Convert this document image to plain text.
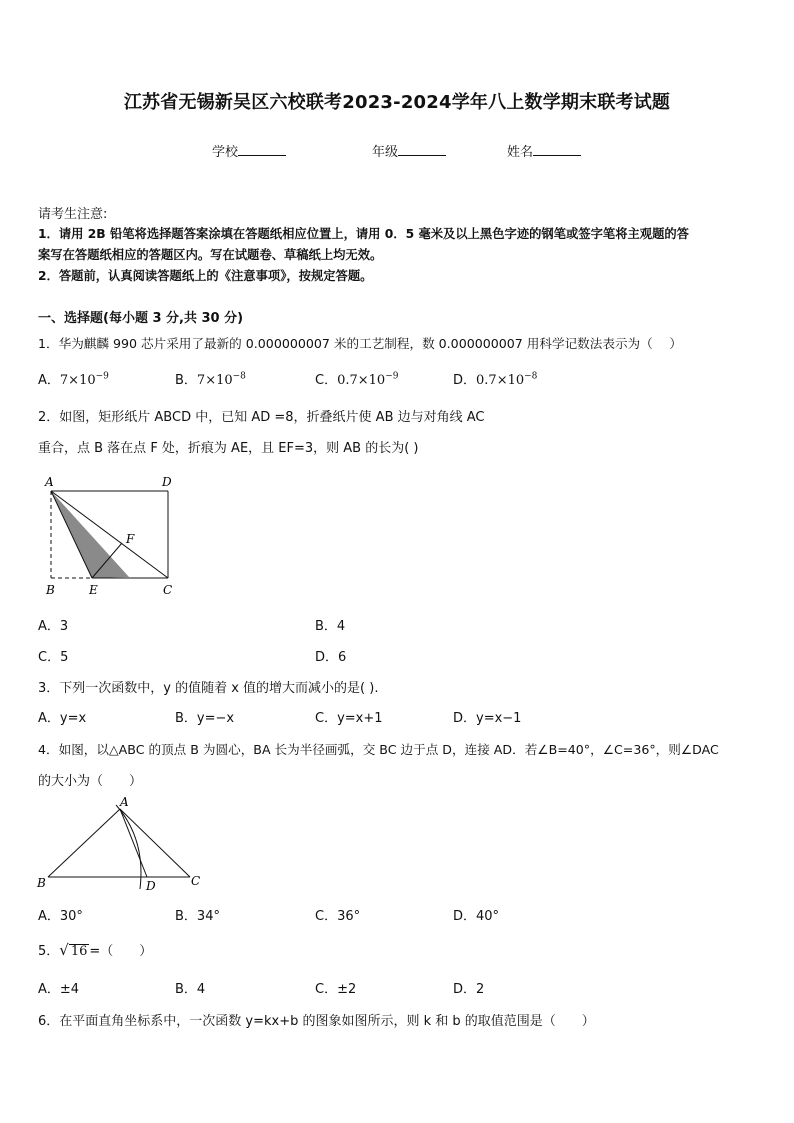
江苏省无锡新吴区六校联考2023-2024学年八上数学期末联考试题
学校	年级	姓名
请考生注意:
1．请用 2B 铅笔将选择题答案涂填在答题纸相应位置上，请用 0．5 毫米及以上黑色字迹的钢笔或签字笔将主观题的答
案写在答题纸相应的答题区内。写在试题卷、草稿纸上均无效。
2．答题前，认真阅读答题纸上的《注意事项》，按规定答题。
一、选择题(每小题 3 分,共 30 分)
1．华为麒麟 990 芯片采用了最新的 0.000000007 米的工艺制程，数 0.000000007 用科学记数法表示为（　 ）
A．$7\times 10^{-9}$	B．$7\times 10^{-8}$	C．$0.7\times 10^{-9}$	D．$0.7\times 10^{-8}$
2．如图，矩形纸片 ABCD 中，已知 AD =8，折叠纸片使 AB 边与对角线 AC
重合，点 B 落在点 F 处，折痕为 AE，且 EF=3，则 AB 的长为( )
A	D
B	E	C
F
A．3	B．4
C．5	D．6
3．下列一次函数中，y 的值随着 x 值的增大而减小的是( ).
A．y=x	B．y=−x	C．y=x+1	D．y=x−1
4．如图，以△ABC 的顶点 B 为圆心，BA 长为半径画弧，交 BC 边于点 D，连接 AD．若∠B=40°，∠C=36°，则∠DAC
的大小为（　　）
A
B	D	C
A．30°	B．34°	C．36°	D．40°
5．√ 16 =（　　）
A．±4	B．4	C．±2	D．2
6．在平面直角坐标系中，一次函数 y=kx+b 的图象如图所示，则 k 和 b 的取值范围是（　　）
